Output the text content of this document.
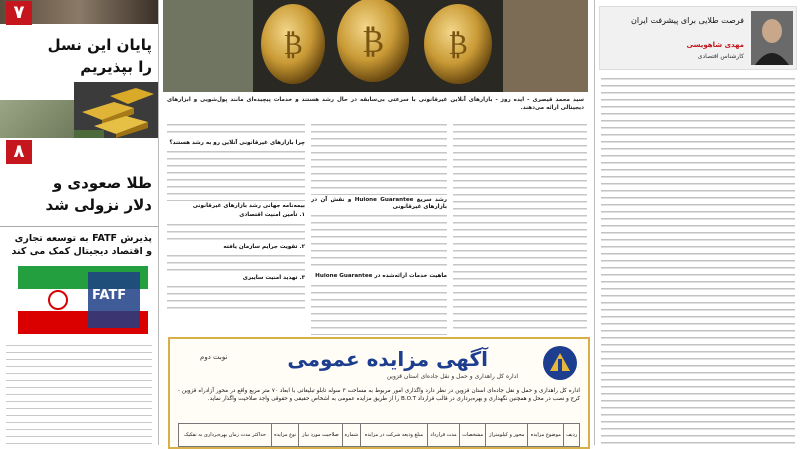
۷
پایان این نسل
را بپذیریم
۸
طلا صعودی و
دلار نزولی شد
پذیرش FATF به توسعه تجاری و اقتصاد دیجیتال کمک می کند
FATF
₿ ₿ ₿
سید محمد قیصری - ایده روز - بازارهای آنلاین غیرقانونی با سرعتی بی‌سابقه در حال رشد هستند و خدمات پیچیده‌ای مانند پول‌شویی و ابزارهای دیجیتالی ارائه می‌دهند.
رشد سریع Huione Guarantee و نقش آن در بازارهای غیرقانونی
ماهیت خدمات ارائه‌شده در Huione Guarantee
چرا بازارهای غیرقانونی آنلاین رو به رشد هستند؟
بیمه‌نامه جهانی رشد بازارهای غیرقانونی
۱. تأمین امنیت اقتصادی
۲. تقویت جرایم سازمان یافته
۳. تهدید امنیت سایبری
فرصت طلایی برای پیشرفت ایران
مهدی شاهویسی
کارشناس اقتصادی
آگهی مزایده عمومی
اداره کل راهداری و حمل و نقل جاده‌ای استان قزوین
نوبت دوم
اداره کل راهداری و حمل و نقل جاده‌ای استان قزوین در نظر دارد واگذاری امور مربوط به مساحت ۳ سوله تابلو تبلیغاتی با ابعاد ۷۰ متر مربع واقع در محور آزادراه قزوین - کرج و نصب در محل و همچنین نگهداری و بهره‌برداری در قالب قرارداد B.O.T را از طریق مزایده عمومی به اشخاص حقیقی و حقوقی واجد صلاحیت واگذار نماید.
ردیف	موضوع مزایده	محور و کیلومتراژ	مشخصات	مدت قرارداد	مبلغ ودیعه شرکت در مزایده	شماره	صلاحیت مورد نیاز	نوع مزایده	حداکثر مدت زمان بهره‌برداری به تفکیک
